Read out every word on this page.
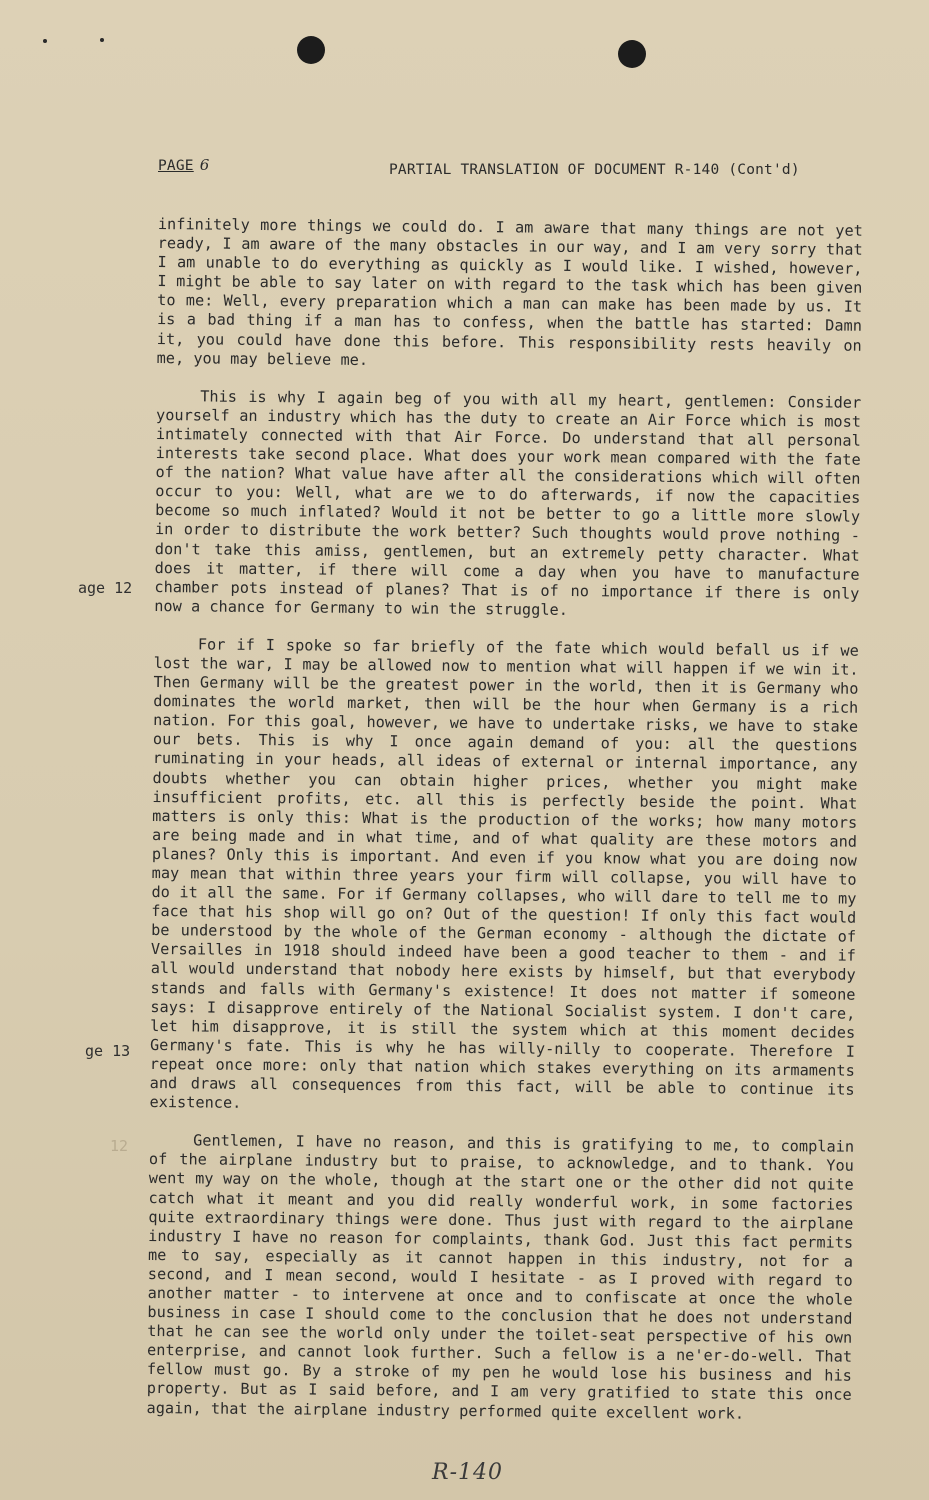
PAGE 6	PARTIAL TRANSLATION OF DOCUMENT R-140 (Cont'd)
age 12
ge 13
12

infinitely more things we could do. I am aware that many things are not yet ready, I am aware of the many obstacles in our way, and I am very sorry that I am unable to do everything as quickly as I would like. I wished, however, I might be able to say later on with regard to the task which has been given to me: Well, every preparation which a man can make has been made by us. It is a bad thing if a man has to confess, when the battle has started: Damn it, you could have done this before. This responsibility rests heavily on me, you may believe me.

This is why I again beg of you with all my heart, gentlemen: Consider yourself an industry which has the duty to create an Air Force which is most intimately connected with that Air Force. Do understand that all personal interests take second place. What does your work mean compared with the fate of the nation? What value have after all the considerations which will often occur to you: Well, what are we to do afterwards, if now the capacities become so much inflated? Would it not be better to go a little more slowly in order to distribute the work better? Such thoughts would prove nothing - don't take this amiss, gentlemen, but an extremely petty character. What does it matter, if there will come a day when you have to manufacture chamber pots instead of planes? That is of no importance if there is only now a chance for Germany to win the struggle.

For if I spoke so far briefly of the fate which would befall us if we lost the war, I may be allowed now to mention what will happen if we win it. Then Germany will be the greatest power in the world, then it is Germany who dominates the world market, then will be the hour when Germany is a rich nation. For this goal, however, we have to undertake risks, we have to stake our bets. This is why I once again demand of you: all the questions ruminating in your heads, all ideas of external or internal importance, any doubts whether you can obtain higher prices, whether you might make insufficient profits, etc. all this is perfectly beside the point. What matters is only this: What is the production of the works; how many motors are being made and in what time, and of what quality are these motors and planes? Only this is important. And even if you know what you are doing now may mean that within three years your firm will collapse, you will have to do it all the same. For if Germany collapses, who will dare to tell me to my face that his shop will go on? Out of the question! If only this fact would be understood by the whole of the German economy - although the dictate of Versailles in 1918 should indeed have been a good teacher to them - and if all would understand that nobody here exists by himself, but that everybody stands and falls with Germany's existence! It does not matter if someone says: I disapprove entirely of the National Socialist system. I don't care, let him disapprove, it is still the system which at this moment decides Germany's fate. This is why he has willy-nilly to cooperate. Therefore I repeat once more: only that nation which stakes everything on its armaments and draws all consequences from this fact, will be able to continue its existence.

Gentlemen, I have no reason, and this is gratifying to me, to complain of the airplane industry but to praise, to acknowledge, and to thank. You went my way on the whole, though at the start one or the other did not quite catch what it meant and you did really wonderful work, in some factories quite extraordinary things were done. Thus just with regard to the airplane industry I have no reason for complaints, thank God. Just this fact permits me to say, especially as it cannot happen in this industry, not for a second, and I mean second, would I hesitate - as I proved with regard to another matter - to intervene at once and to confiscate at once the whole business in case I should come to the conclusion that he does not understand that he can see the world only under the toilet-seat perspective of his own enterprise, and cannot look further. Such a fellow is a ne'er-do-well. That fellow must go. By a stroke of my pen he would lose his business and his property. But as I said before, and I am very gratified to state this once again, that the airplane industry performed quite excellent work.

R-140
